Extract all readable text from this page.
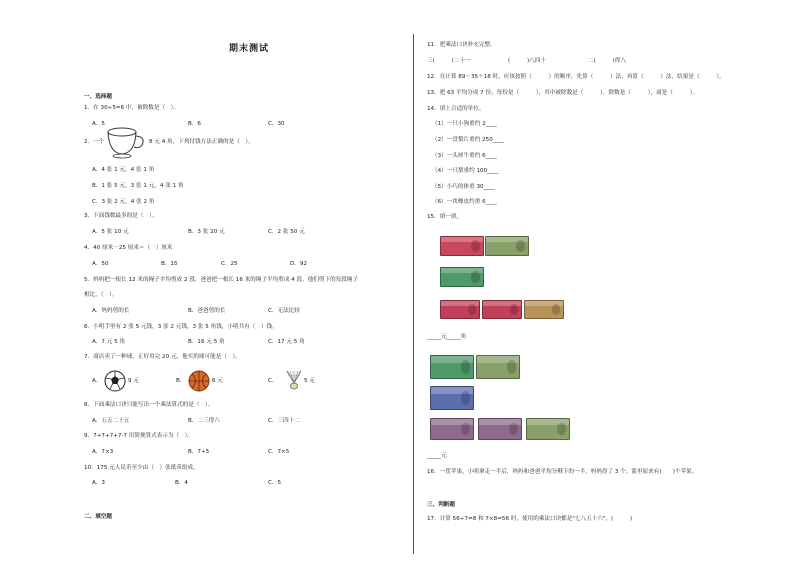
期末测试
一、选择题
1．在 30÷5=6 中，被除数是（　）。
A．5	B．6	C．30
2．一个	8 元 4 角，下列付钱方法正确的是（　）。
A．4 张 1 元，4 张 1 角
B．1 张 5 元，3 张 1 元，4 张 1 角
C．3 张 2 元，4 张 2 角
3．下面钱数最多的是（　）。
A．5 张 10 元	B．3 张 20 元	C．2 张 50 元
4．40 厘米－25 厘米＝（　）厘米
A．50	B．15	C．25	D．92
5．妈妈把一根长 12 米的绳子平均剪成 2 段，爸爸把一根长 16 米的绳子平均剪成 4 段。他们剪下的每段绳子
相比，（　）。
A．妈妈剪的长	B．爸爸剪的长	C．无法比较
6．小明手里有 2 张 5 元钱，3 张 2 元钱，3 张 5 角钱，小明共有（　）钱。
A．7 元 5 角	B．16 元 5 角	C．17 元 5 角
7．商店卖了一种球，正好用完 20 元，他买的球可能是（　）。
A．	9 元	B．	6 元	C．	5 元
8．下面乘法口诀只能写出一个乘法算式的是（　）。
A．五五二十五	B．二三得六	C．三四十二
9．7+7+7+7-7 用简便算式表示为（　）。
A．7×3	B．7+5	C．7×5
10．175 元人民币至少由（　）张纸币组成。
A．3	B．4	C．5
二、填空题
11．把乘法口诀补充完整。
三(　　　)二十一	(　　　)八四十	二(　　　)得八
12．在计算 89－35＋18 时，应该按照（　　　）的顺序，先算（　　　）法，再算（　　　）法，结果是（　　　）。
13．把 63 平均分成 7 份，每份是（　　　），其中被除数是（　　　），除数是（　　　），商是（　　　）。
14．填上合适的单位。
（1）一只小狗重约 2____
（2）一盘梨片重约 250____
（3）一头犀牛重约 6____
（4）一只梨重约 100____
（5）小巧的体重 30____
（6）一块橡皮约重 6____
15．填一填。
_____元_____角
_____元
16．一筐苹果，小明拿走一半后，妈妈和爸爸平均分剩下的一半，妈妈得了 3 个。篮里原来有(　　)个苹果。
三、判断题
17．计算 56÷7=8 和 7×8=56 时，使用的乘法口诀都是"七八五十六"。(　　　)
